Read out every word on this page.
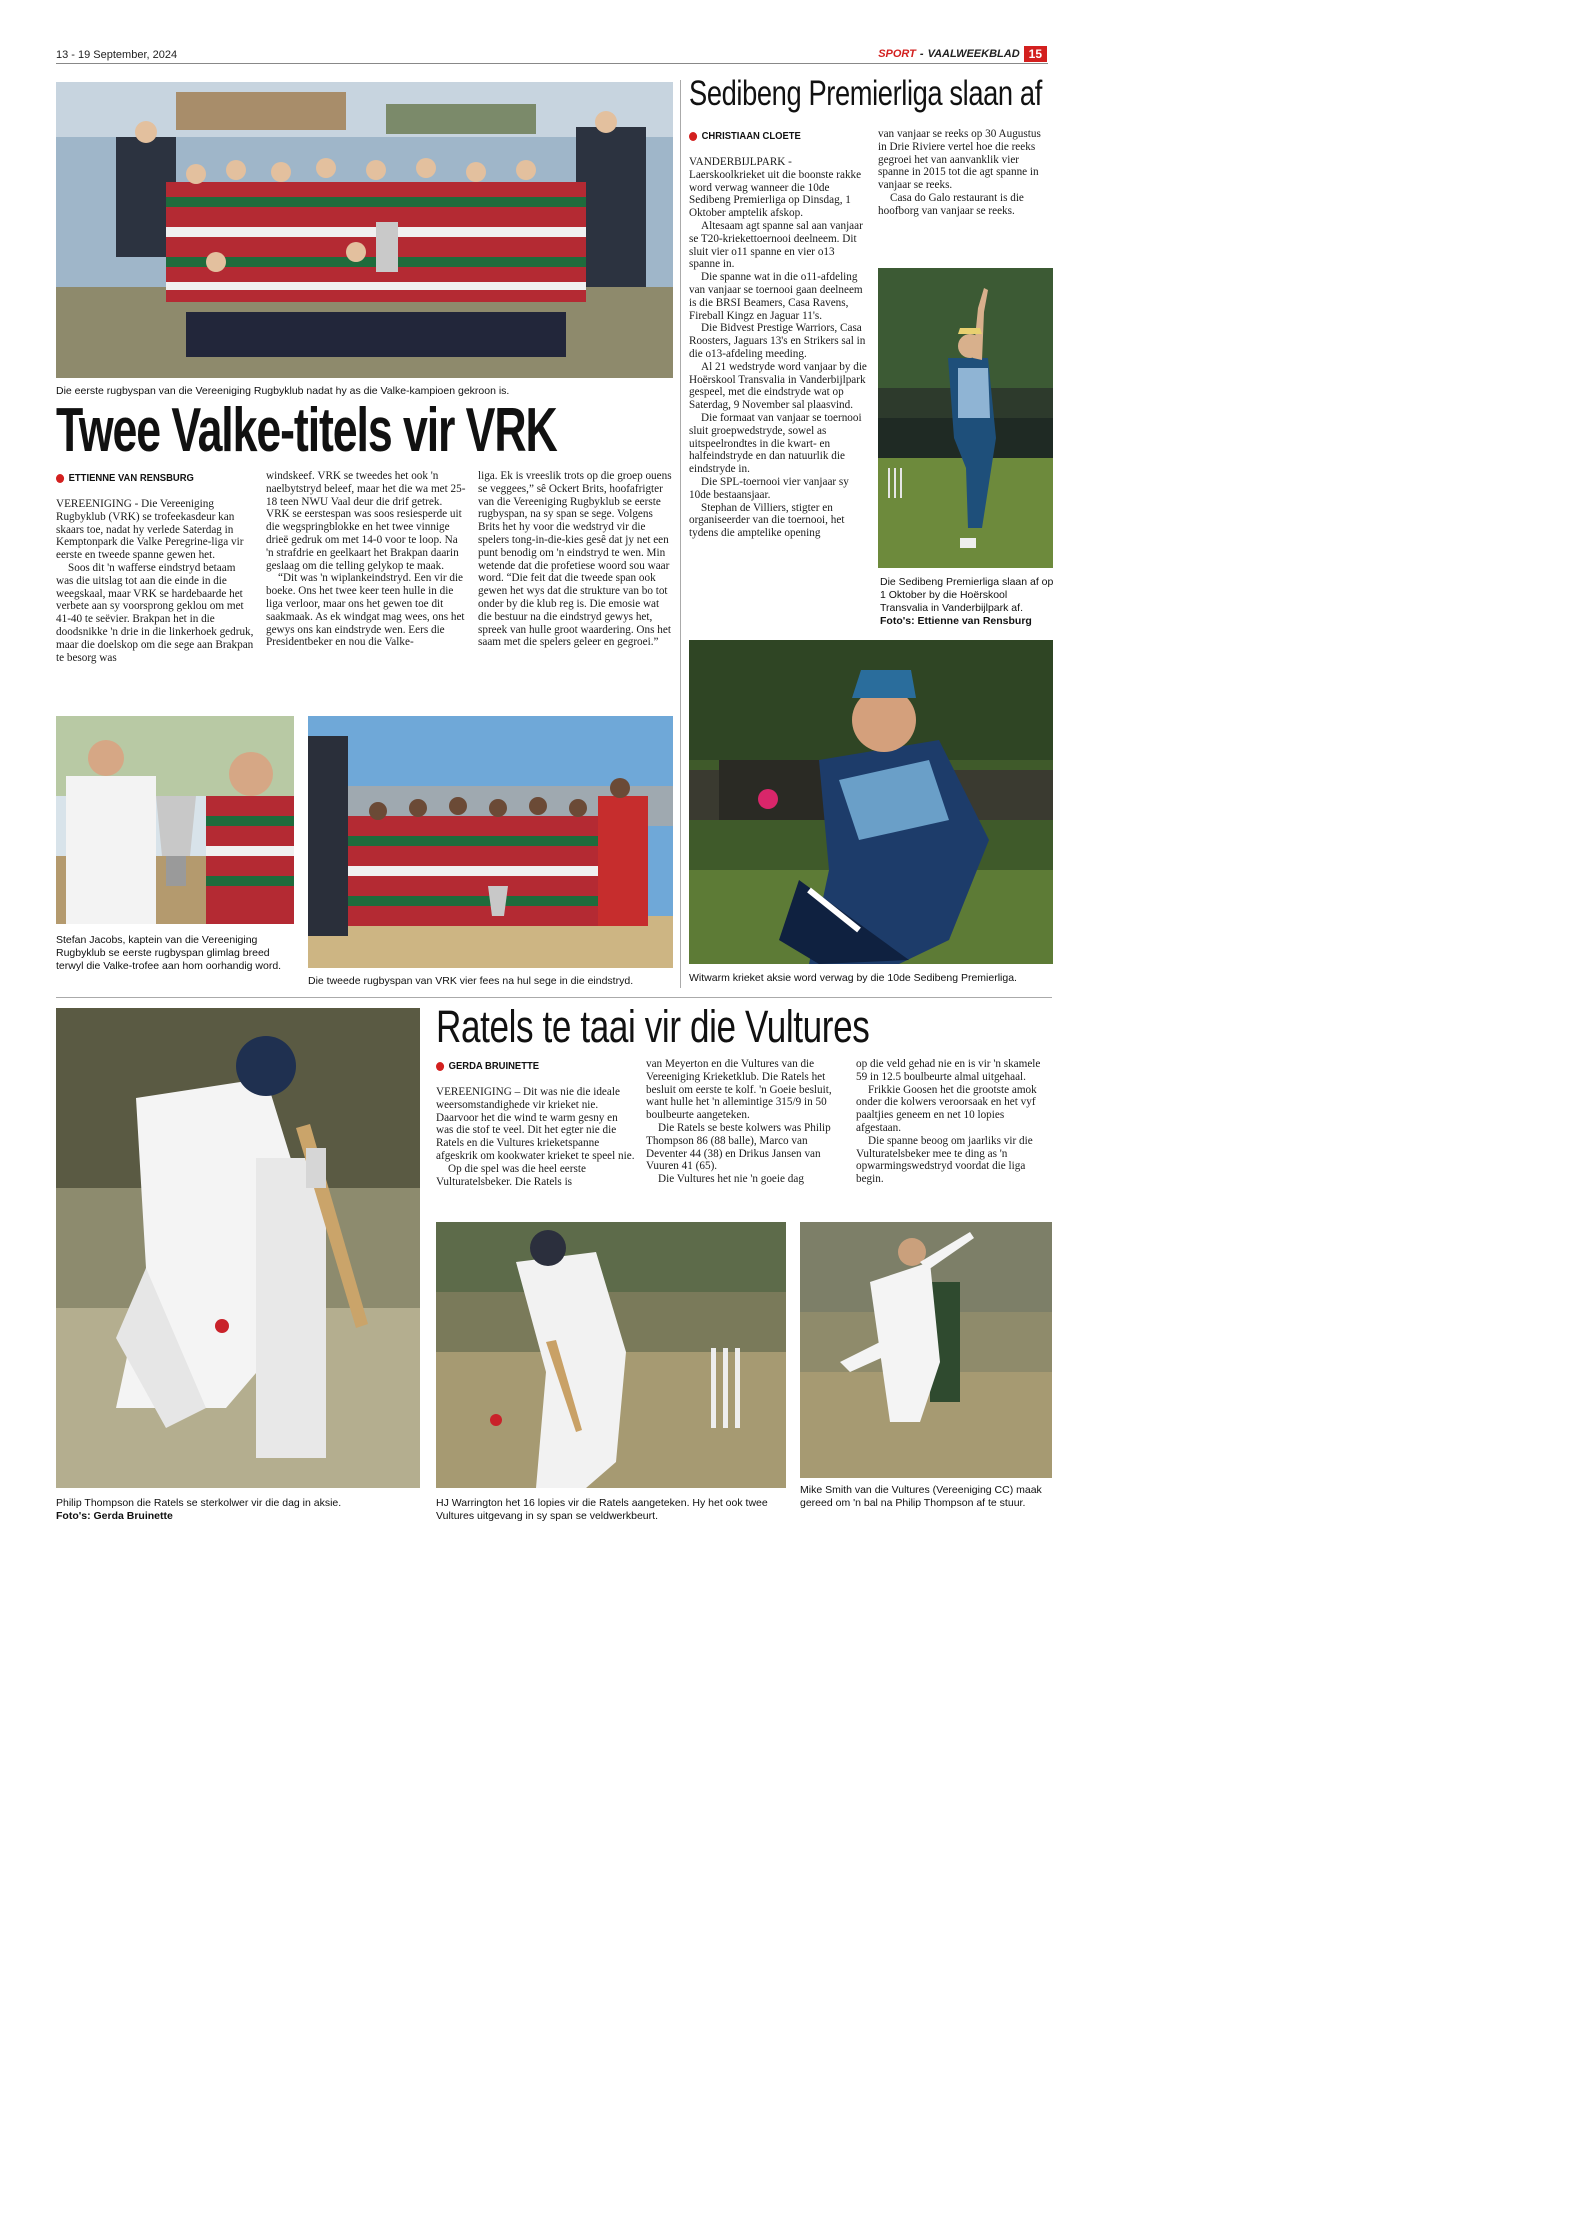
13 - 19 September, 2024	SPORT - VAALWEEKBLAD 15
Die eerste rugbyspan van die Vereeniging Rugbyklub nadat hy as die Valke-kampioen gekroon is.
Twee Valke-titels vir VRK
ETTIENNE VAN RENSBURG

VEREENIGING - Die Vereeniging Rugbyklub (VRK) se trofeekasdeur kan skaars toe, nadat hy verlede Saterdag in Kemptonpark die Valke Peregrine-liga vir eerste en tweede spanne gewen het.

Soos dit 'n wafferse eindstryd betaam was die uitslag tot aan die einde in die weegskaal, maar VRK se hardebaarde het verbete aan sy voorsprong geklou om met 41-40 te seëvier. Brakpan het in die doodsnikke 'n drie in die linkerhoek gedruk, maar die doelskop om die sege aan Brakpan te besorg was

windskeef. VRK se tweedes het ook 'n naelbytstryd beleef, maar het die wa met 25-18 teen NWU Vaal deur die drif getrek. VRK se eerstespan was soos resiesperde uit die wegspringblokke en het twee vinnige drieë gedruk om met 14-0 voor te loop. Na 'n strafdrie en geelkaart het Brakpan daarin geslaag om die telling gelykop te maak.

“Dit was 'n wiplankeindstryd. Een vir die boeke. Ons het twee keer teen hulle in die liga verloor, maar ons het gewen toe dit saakmaak. As ek windgat mag wees, ons het gewys ons kan eindstryde wen. Eers die Presidentbeker en nou die Valke-

liga. Ek is vreeslik trots op die groep ouens se veggees,” sê Ockert Brits, hoofafrigter van die Vereeniging Rugbyklub se eerste rugbyspan, na sy span se sege. Volgens Brits het hy voor die wedstryd vir die spelers tong-in-die-kies gesê dat jy net een punt benodig om 'n eindstryd te wen. Min wetende dat die profetiese woord sou waar word. “Die feit dat die tweede span ook gewen het wys dat die strukture van bo tot onder by die klub reg is. Die emosie wat die bestuur na die eindstryd gewys het, spreek van hulle groot waardering. Ons het saam met die spelers geleer en gegroei.”

Stefan Jacobs, kaptein van die Vereeniging Rugbyklub se eerste rugbyspan glimlag breed terwyl die Valke-trofee aan hom oorhandig word.
Die tweede rugbyspan van VRK vier fees na hul sege in die eindstryd.
Sedibeng Premierliga slaan af
CHRISTIAAN CLOETE

VANDERBIJLPARK - Laerskoolkrieket uit die boonste rakke word verwag wanneer die 10de Sedibeng Premierliga op Dinsdag, 1 Oktober amptelik afskop.

Altesaam agt spanne sal aan vanjaar se T20-kriekettoernooi deelneem. Dit sluit vier o11 spanne en vier o13 spanne in.

Die spanne wat in die o11-afdeling van vanjaar se toernooi gaan deelneem is die BRSI Beamers, Casa Ravens, Fireball Kingz en Jaguar 11's.

Die Bidvest Prestige Warriors, Casa Roosters, Jaguars 13's en Strikers sal in die o13-afdeling meeding.

Al 21 wedstryde word vanjaar by die Hoërskool Transvalia in Vanderbijlpark gespeel, met die eindstryde wat op Saterdag, 9 November sal plaasvind.

Die formaat van vanjaar se toernooi sluit groepwedstryde, sowel as uitspeelrondtes in die kwart- en halfeindstryde en dan natuurlik die eindstryde in.

Die SPL-toernooi vier vanjaar sy 10de bestaansjaar.

Stephan de Villiers, stigter en organiseerder van die toernooi, het tydens die amptelike opening

van vanjaar se reeks op 30 Augustus in Drie Riviere vertel hoe die reeks gegroei het van aanvanklik vier spanne in 2015 tot die agt spanne in vanjaar se reeks.

Casa do Galo restaurant is die hoofborg van vanjaar se reeks.

Die Sedibeng Premierliga slaan af op 1 Oktober by die Hoërskool Transvalia in Vanderbijlpark af.
Foto's: Ettienne van Rensburg
Witwarm krieket aksie word verwag by die 10de Sedibeng Premierliga.
Philip Thompson die Ratels se sterkolwer vir die dag in aksie.
Foto's: Gerda Bruinette
Ratels te taai vir die Vultures
GERDA BRUINETTE

VEREENIGING – Dit was nie die ideale weersomstandighede vir krieket nie. Daarvoor het die wind te warm gesny en was die stof te veel. Dit het egter nie die Ratels en die Vultures krieketspanne afgeskrik om kookwater krieket te speel nie.

Op die spel was die heel eerste Vulturatelsbeker. Die Ratels is

van Meyerton en die Vultures van die Vereeniging Krieketklub. Die Ratels het besluit om eerste te kolf. 'n Goeie besluit, want hulle het 'n allemintige 315/9 in 50 boulbeurte aangeteken.

Die Ratels se beste kolwers was Philip Thompson 86 (88 balle), Marco van Deventer 44 (38) en Drikus Jansen van Vuuren 41 (65).

Die Vultures het nie 'n goeie dag

op die veld gehad nie en is vir 'n skamele 59 in 12.5 boulbeurte almal uitgehaal.

Frikkie Goosen het die grootste amok onder die kolwers veroorsaak en het vyf paaltjies geneem en net 10 lopies afgestaan.

Die spanne beoog om jaarliks vir die Vulturatelsbeker mee te ding as 'n opwarmingswedstryd voordat die liga begin.

HJ Warrington het 16 lopies vir die Ratels aangeteken. Hy het ook twee Vultures uitgevang in sy span se veldwerkbeurt.
Mike Smith van die Vultures (Vereeniging CC) maak gereed om 'n bal na Philip Thompson af te stuur.
